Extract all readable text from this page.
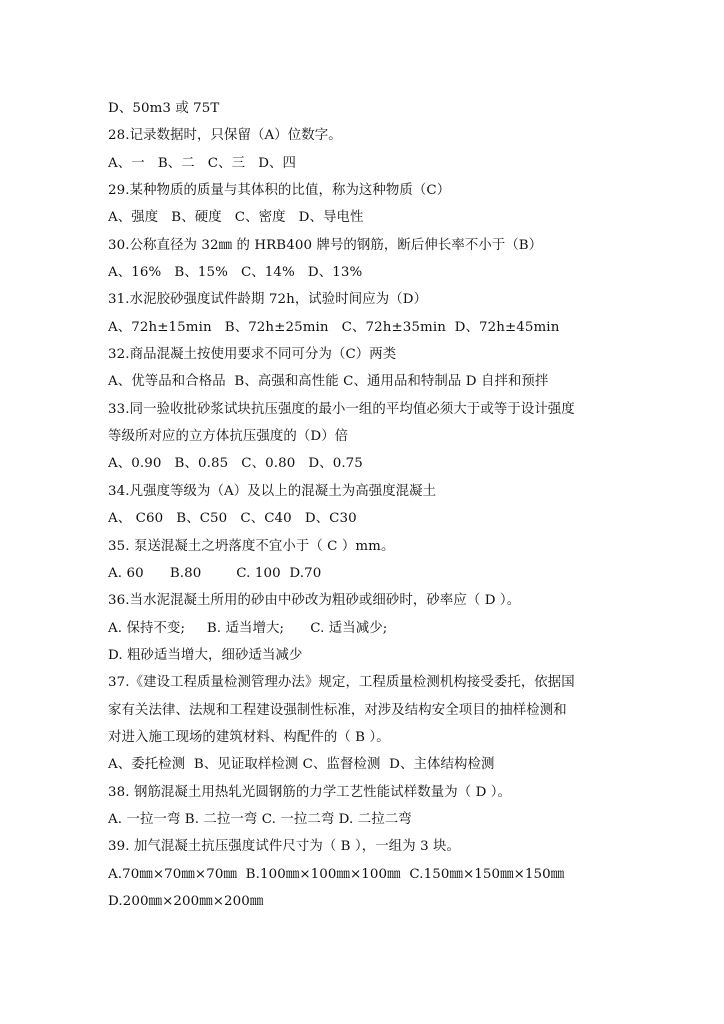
D、50m3 或 75T
28.记录数据时，只保留（A）位数字。
A、一   B、二   C、三   D、四
29.某种物质的质量与其体积的比值，称为这种物质（C）
A、强度   B、硬度   C、密度   D、导电性
30.公称直径为 32㎜ 的 HRB400 牌号的钢筋，断后伸长率不小于（B）
A、16%   B、15%   C、14%   D、13%
31.水泥胶砂强度试件龄期 72h，试验时间应为（D）
A、72h±15min   B、72h±25min   C、72h±35min  D、72h±45min
32.商品混凝土按使用要求不同可分为（C）两类
A、优等品和合格品  B、高强和高性能 C、通用品和特制品 D 自拌和预拌
33.同一验收批砂浆试块抗压强度的最小一组的平均值必须大于或等于设计强度
等级所对应的立方体抗压强度的（D）倍
A、0.90   B、0.85   C、0.80   D、0.75
34.凡强度等级为（A）及以上的混凝土为高强度混凝土
A、 C60   B、C50   C、C40   D、C30
35. 泵送混凝土之坍落度不宜小于（ C ）mm。
A. 60      B.80        C. 100  D.70
36.当水泥混凝土所用的砂由中砂改为粗砂或细砂时，砂率应（ D ）。
A. 保持不变;     B. 适当增大;      C. 适当减少;
D. 粗砂适当增大，细砂适当减少
37.《建设工程质量检测管理办法》规定，工程质量检测机构接受委托，依据国
家有关法律、法规和工程建设强制性标准，对涉及结构安全项目的抽样检测和
对进入施工现场的建筑材料、构配件的（ B ）。
A、委托检测  B、见证取样检测 C、监督检测  D、主体结构检测
38. 钢筋混凝土用热轧光圆钢筋的力学工艺性能试样数量为（ D ）。
A. 一拉一弯 B. 二拉一弯 C. 一拉二弯 D. 二拉二弯
39. 加气混凝土抗压强度试件尺寸为（ B ），一组为 3 块。
A.70㎜×70㎜×70㎜  B.100㎜×100㎜×100㎜  C.150㎜×150㎜×150㎜
D.200㎜×200㎜×200㎜
